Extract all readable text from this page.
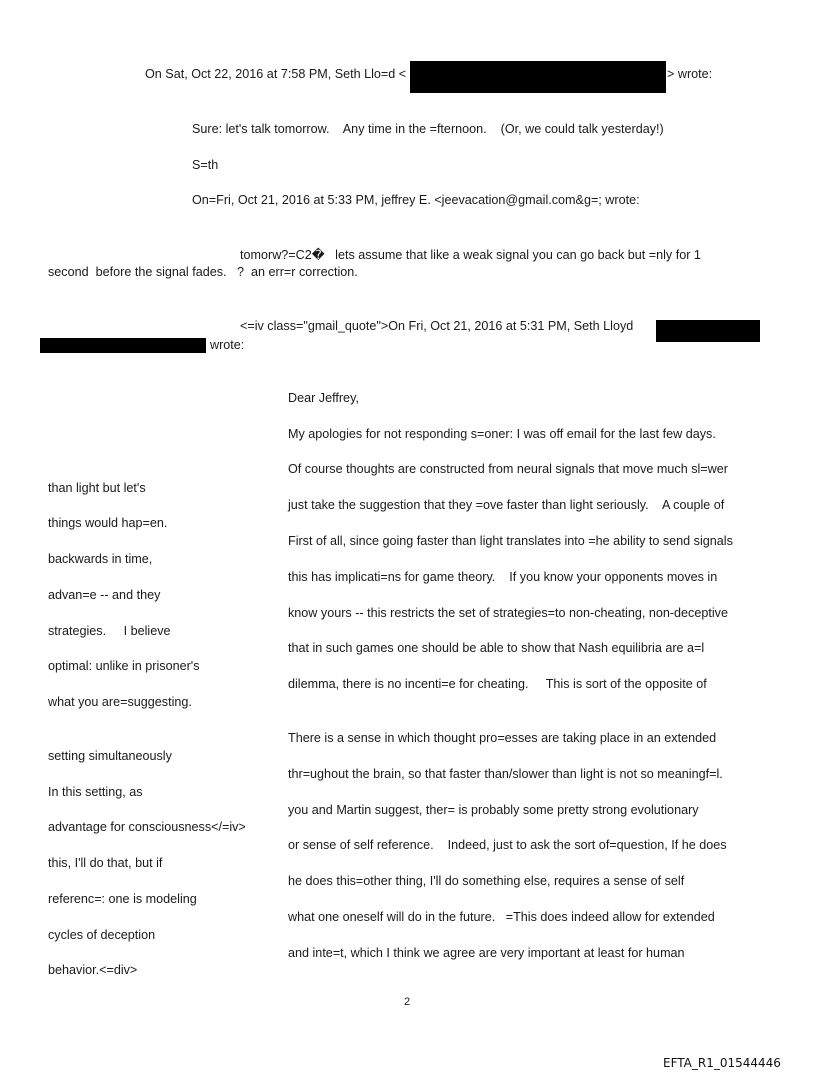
On Sat, Oct 22, 2016 at 7:58 PM, Seth Llo=d <	> wrote:
Sure: let's talk tomorrow.    Any time in the =fternoon.    (Or, we could talk yesterday!)
S=th
On=Fri, Oct 21, 2016 at 5:33 PM, jeffrey E. <jeevacation@gmail.com&g=; wrote:
tomorw?=C2�   lets assume that like a weak signal you can go back but =nly for 1
second  before the signal fades.   ?  an err=r correction.
<=iv class="gmail_quote">On Fri, Oct 21, 2016 at 5:31 PM, Seth Lloyd
wrote:
than light but let's
things would hap=en.
backwards in time,
advan=e -- and they
strategies.     I believe
optimal: unlike in prisoner's
what you are=suggesting.
setting simultaneously
In this setting, as
advantage for consciousness</=iv>
this, I'll do that, but if
referenc=: one is modeling
cycles of deception
behavior.<=div>
Dear Jeffrey,
My apologies for not responding s=oner: I was off email for the last few days.
Of course thoughts are constructed from neural signals that move much sl=wer
just take the suggestion that they =ove faster than light seriously.    A couple of
First of all, since going faster than light translates into =he ability to send signals
this has implicati=ns for game theory.    If you know your opponents moves in
know yours -- this restricts the set of strategies=to non-cheating, non-deceptive
that in such games one should be able to show that Nash equilibria are a=l
dilemma, there is no incenti=e for cheating.     This is sort of the opposite of
There is a sense in which thought pro=esses are taking place in an extended
thr=ughout the brain, so that faster than/slower than light is not so meaningf=l.
you and Martin suggest, ther= is probably some pretty strong evolutionary
or sense of self reference.    Indeed, just to ask the sort of=question, If he does
he does this=other thing, I'll do something else, requires a sense of self
what one oneself will do in the future.   =This does indeed allow for extended
and inte=t, which I think we agree are very important at least for human
2
EFTA_R1_01544446
